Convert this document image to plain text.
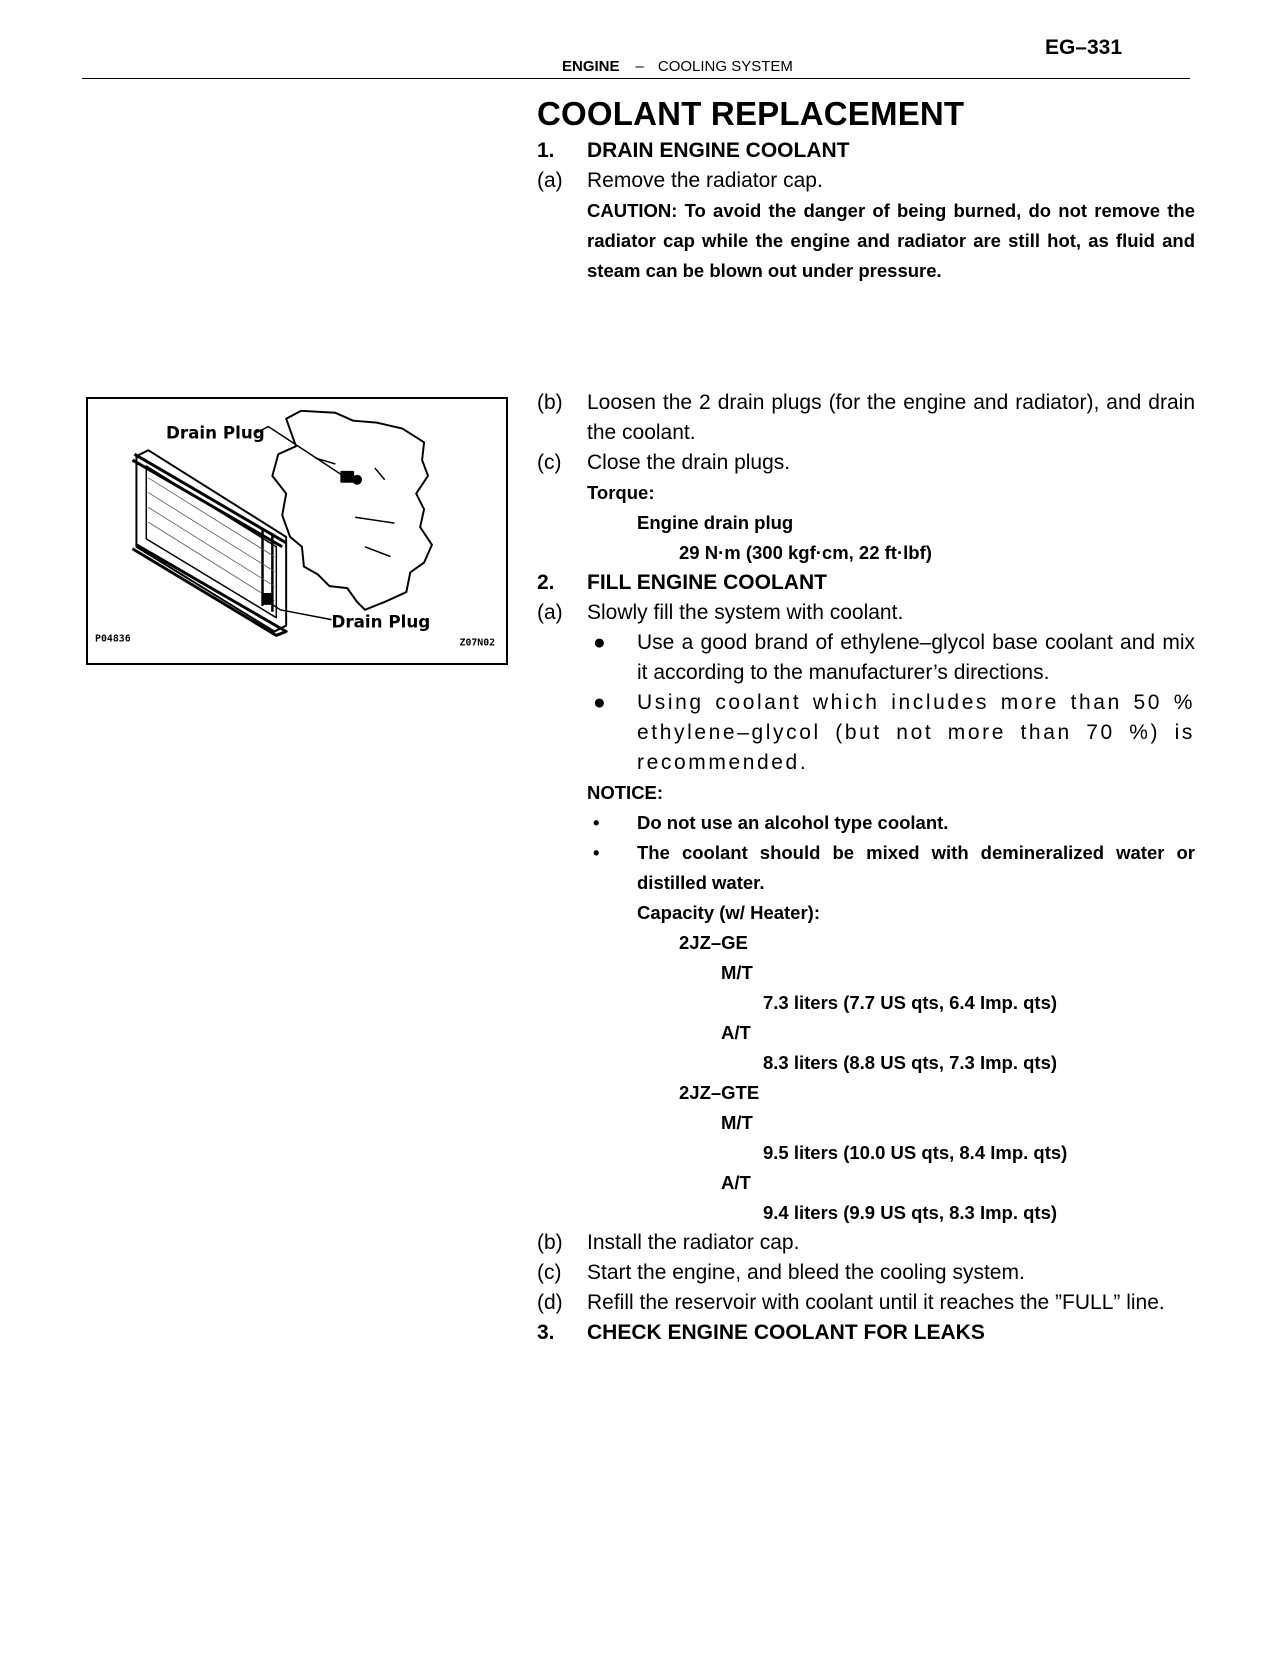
EG–331
ENGINE – COOLING SYSTEM
Drain Plug
Drain Plug
P04836	Z07N02
COOLANT REPLACEMENT
1.	DRAIN ENGINE COOLANT
(a)	Remove the radiator cap.
CAUTION: To avoid the danger of being burned, do not remove the radiator cap while the engine and radiator are still hot, as fluid and steam can be blown out under pressure.
(b)	Loosen the 2 drain plugs (for the engine and radiator), and drain the coolant.
(c)	Close the drain plugs.
Torque:
Engine drain plug
29 N·m (300 kgf·cm, 22 ft·lbf)
2.	FILL ENGINE COOLANT
(a)	Slowly fill the system with coolant.
●	Use a good brand of ethylene–glycol base coolant and mix it according to the manufacturer’s directions.
●	Using coolant which includes more than 50 % ethylene–glycol (but not more than 70 %) is recommended.
NOTICE:
•	Do not use an alcohol type coolant.
•	The coolant should be mixed with demineralized water or distilled water.
Capacity (w/ Heater):
2JZ–GE
M/T
7.3 liters (7.7 US qts, 6.4 Imp. qts)
A/T
8.3 liters (8.8 US qts, 7.3 Imp. qts)
2JZ–GTE
M/T
9.5 liters (10.0 US qts, 8.4 Imp. qts)
A/T
9.4 liters (9.9 US qts, 8.3 Imp. qts)
(b)	Install the radiator cap.
(c)	Start the engine, and bleed the cooling system.
(d)	Refill the reservoir with coolant until it reaches the ”FULL” line.
3.	CHECK ENGINE COOLANT FOR LEAKS
